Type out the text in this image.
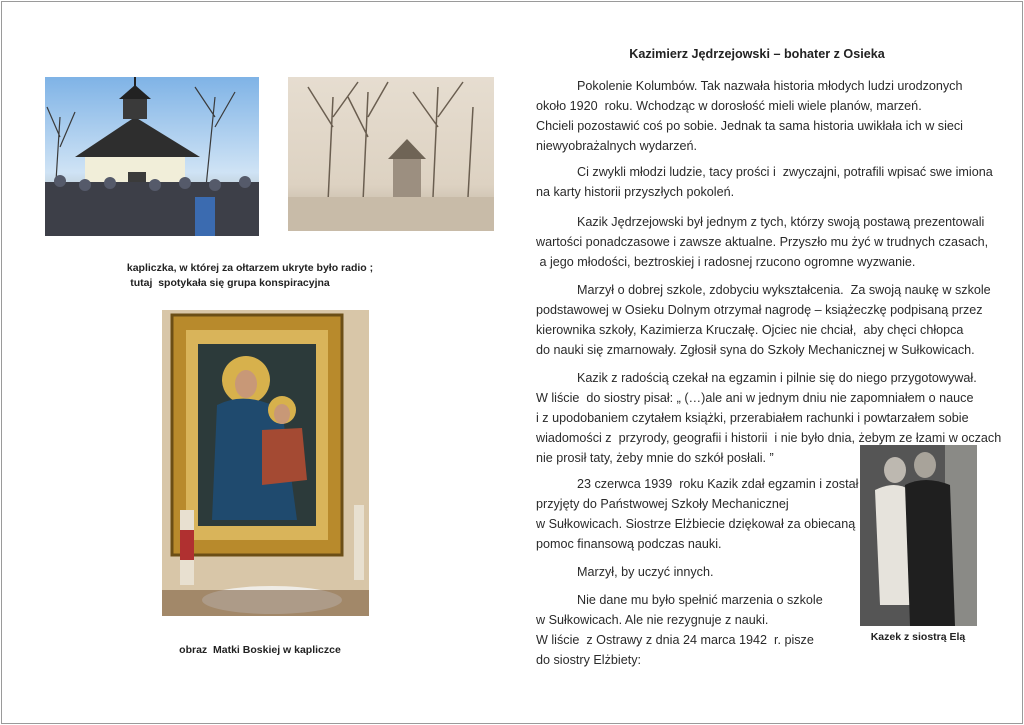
kapliczka, w której za ołtarzem ukryte było radio ;
tutaj  spotykała się grupa konspiracyjna
obraz  Matki Boskiej w kapliczce
Kazek z siostrą Elą
Kazimierz Jędrzejowski – bohater z Osieka
Pokolenie Kolumbów. Tak nazwała historia młodych ludzi urodzonych
około 1920  roku. Wchodząc w dorosłość mieli wiele planów, marzeń.
Chcieli pozostawić coś po sobie. Jednak ta sama historia uwikłała ich w sieci
niewyobrażalnych wydarzeń.
Ci zwykli młodzi ludzie, tacy prości i  zwyczajni, potrafili wpisać swe imiona
na karty historii przyszłych pokoleń.
Kazik Jędrzejowski był jednym z tych, którzy swoją postawą prezentowali
wartości ponadczasowe i zawsze aktualne. Przyszło mu żyć w trudnych czasach,
a jego młodości, beztroskiej i radosnej rzucono ogromne wyzwanie.
Marzył o dobrej szkole, zdobyciu wykształcenia.  Za swoją naukę w szkole
podstawowej w Osieku Dolnym otrzymał nagrodę – książeczkę podpisaną przez
kierownika szkoły, Kazimierza Kruczałę. Ojciec nie chciał,  aby chęci chłopca
do nauki się zmarnowały. Zgłosił syna do Szkoły Mechanicznej w Sułkowicach.
Kazik z radością czekał na egzamin i pilnie się do niego przygotowywał.
W liście  do siostry pisał: „ (…)ale ani w jednym dniu nie zapomniałem o nauce
i z upodobaniem czytałem książki, przerabiałem rachunki i powtarzałem sobie
wiadomości z  przyrody, geografii i historii  i nie było dnia, żebym ze łzami w oczach
nie prosił taty, żeby mnie do szkół posłali. ”
23 czerwca 1939  roku Kazik zdał egzamin i został
przyjęty do Państwowej Szkoły Mechanicznej
w Sułkowicach. Siostrze Elżbiecie dziękował za obiecaną
pomoc finansową podczas nauki.
Marzył, by uczyć innych.
Nie dane mu było spełnić marzenia o szkole
w Sułkowicach. Ale nie rezygnuje z nauki.
W liście  z Ostrawy z dnia 24 marca 1942  r. pisze
do siostry Elżbiety:
